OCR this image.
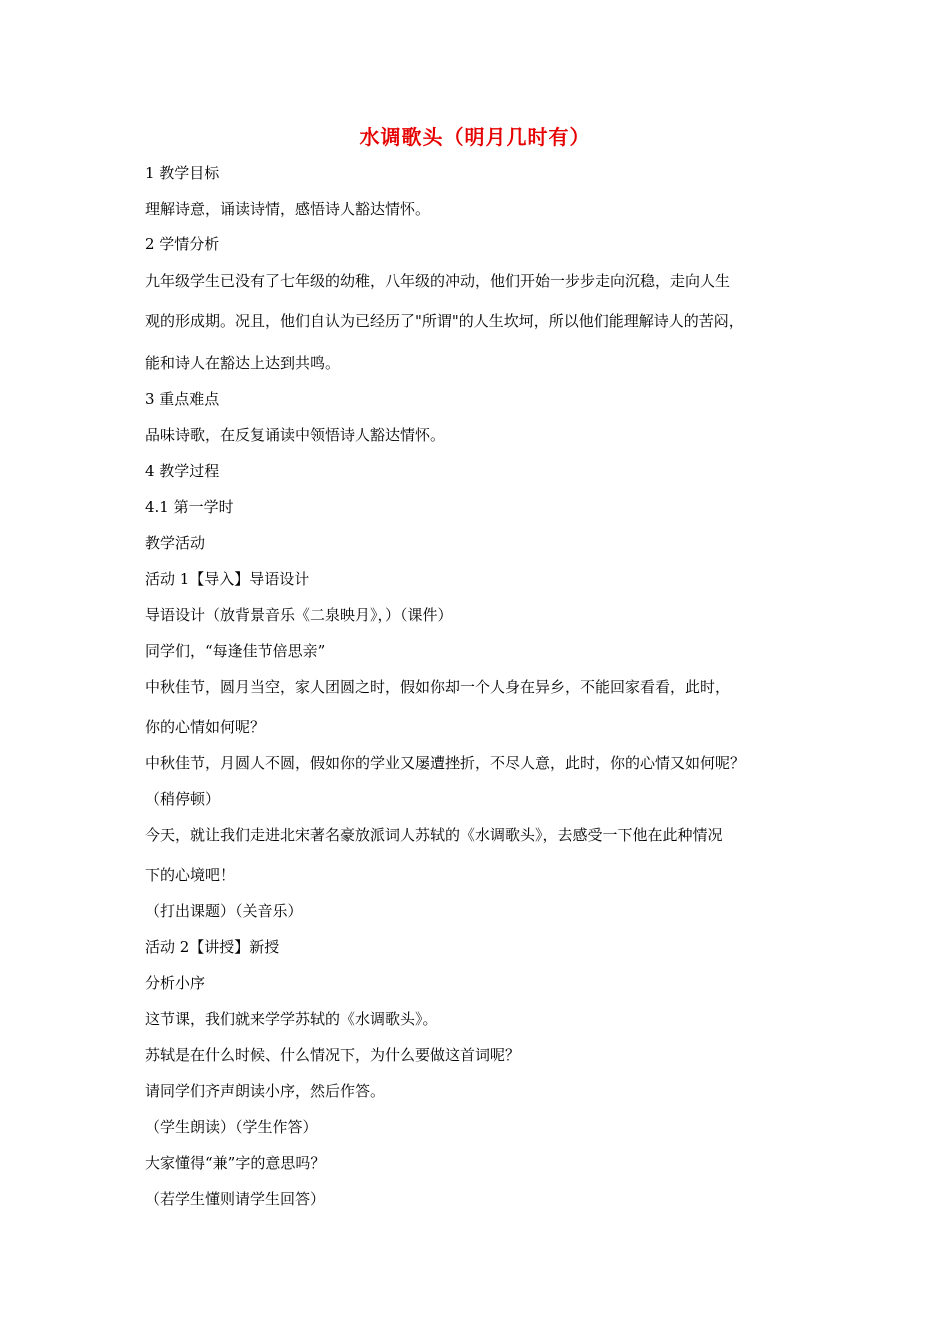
水调歌头（明月几时有）
1 教学目标
理解诗意，诵读诗情，感悟诗人豁达情怀。
2 学情分析
九年级学生已没有了七年级的幼稚，八年级的冲动，他们开始一步步走向沉稳，走向人生
观的形成期。况且，他们自认为已经历了"所谓"的人生坎坷，所以他们能理解诗人的苦闷，
能和诗人在豁达上达到共鸣。
3 重点难点
品味诗歌，在反复诵读中领悟诗人豁达情怀。
4 教学过程
4.1 第一学时
教学活动
活动 1【导入】导语设计
导语设计（放背景音乐《二泉映月》，）（课件）
同学们，“每逢佳节倍思亲”
中秋佳节，圆月当空，家人团圆之时，假如你却一个人身在异乡，不能回家看看，此时，
你的心情如何呢？
中秋佳节，月圆人不圆，假如你的学业又屡遭挫折，不尽人意，此时，你的心情又如何呢？
（稍停顿）
今天，就让我们走进北宋著名豪放派词人苏轼的《水调歌头》，去感受一下他在此种情况
下的心境吧！
（打出课题）（关音乐）
活动 2【讲授】新授
分析小序
这节课，我们就来学学苏轼的《水调歌头》。
苏轼是在什么时候、什么情况下，为什么要做这首词呢？
请同学们齐声朗读小序，然后作答。
（学生朗读）（学生作答）
大家懂得“兼”字的意思吗？
（若学生懂则请学生回答）
